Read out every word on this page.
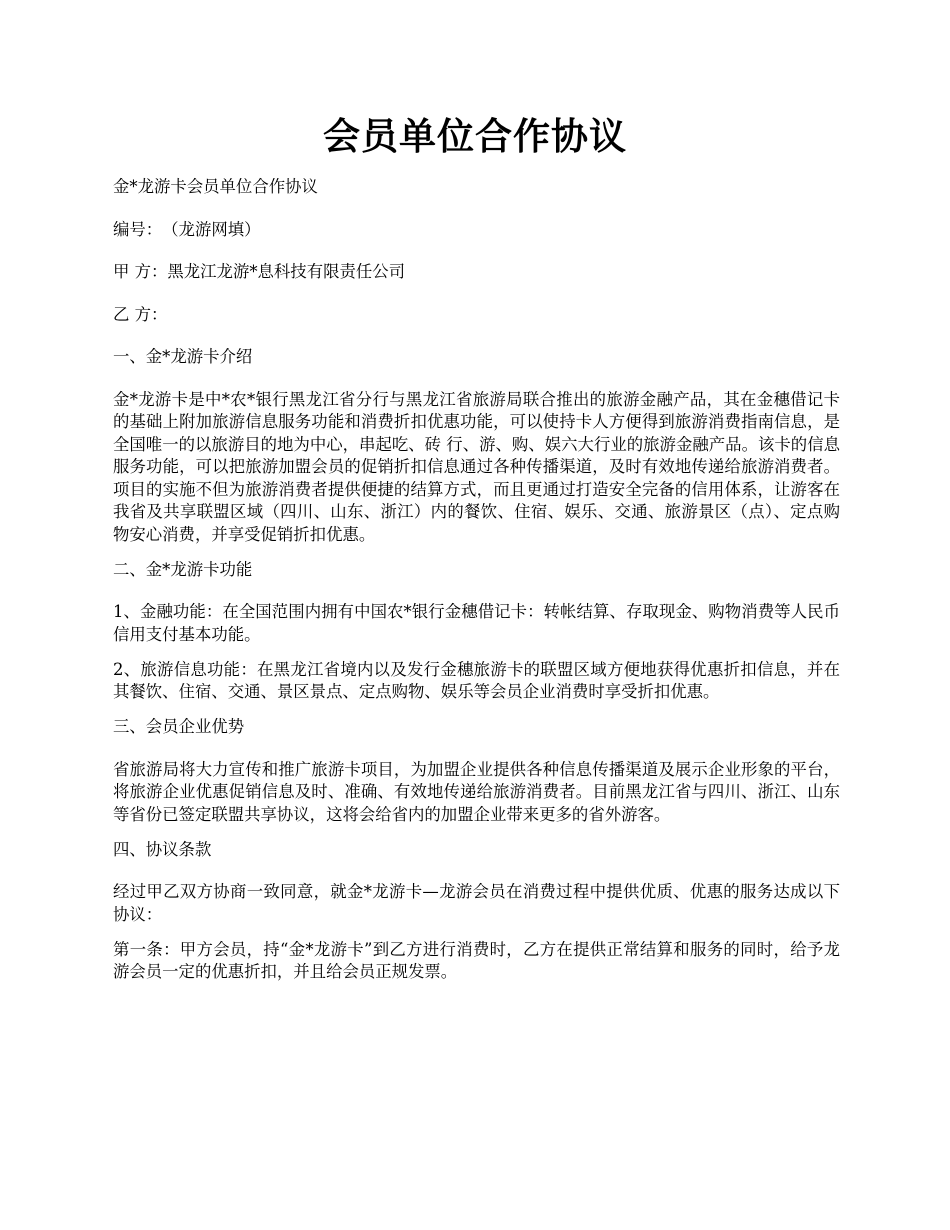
会员单位合作协议

金*龙游卡会员单位合作协议

编号：　（龙游网填）

甲 方：黑龙江龙游*息科技有限责任公司

乙 方：

一、金*龙游卡介绍

金*龙游卡是中*农*银行黑龙江省分行与黑龙江省旅游局联合推出的旅游金融产品，其在金穗借记卡的基础上附加旅游信息服务功能和消费折扣优惠功能，可以使持卡人方便得到旅游消费指南信息，是全国唯一的以旅游目的地为中心，串起吃、砖 行、游、购、娱六大行业的旅游金融产品。该卡的信息服务功能，可以把旅游加盟会员的促销折扣信息通过各种传播渠道，及时有效地传递给旅游消费者。项目的实施不但为旅游消费者提供便捷的结算方式，而且更通过打造安全完备的信用体系，让游客在我省及共享联盟区域（四川、山东、浙江）内的餐饮、住宿、娱乐、交通、旅游景区（点）、定点购物安心消费，并享受促销折扣优惠。

二、金*龙游卡功能

1、金融功能：在全国范围内拥有中国农*银行金穗借记卡：转帐结算、存取现金、购物消费等人民币信用支付基本功能。

2、旅游信息功能：在黑龙江省境内以及发行金穗旅游卡的联盟区域方便地获得优惠折扣信息，并在其餐饮、住宿、交通、景区景点、定点购物、娱乐等会员企业消费时享受折扣优惠。

三、会员企业优势

省旅游局将大力宣传和推广旅游卡项目，为加盟企业提供各种信息传播渠道及展示企业形象的平台，将旅游企业优惠促销信息及时、准确、有效地传递给旅游消费者。目前黑龙江省与四川、浙江、山东等省份已签定联盟共享协议，这将会给省内的加盟企业带来更多的省外游客。

四、协议条款

经过甲乙双方协商一致同意，就金*龙游卡—龙游会员在消费过程中提供优质、优惠的服务达成以下协议：

第一条：甲方会员，持“金*龙游卡”到乙方进行消费时，乙方在提供正常结算和服务的同时，给予龙游会员一定的优惠折扣，并且给会员正规发票。
